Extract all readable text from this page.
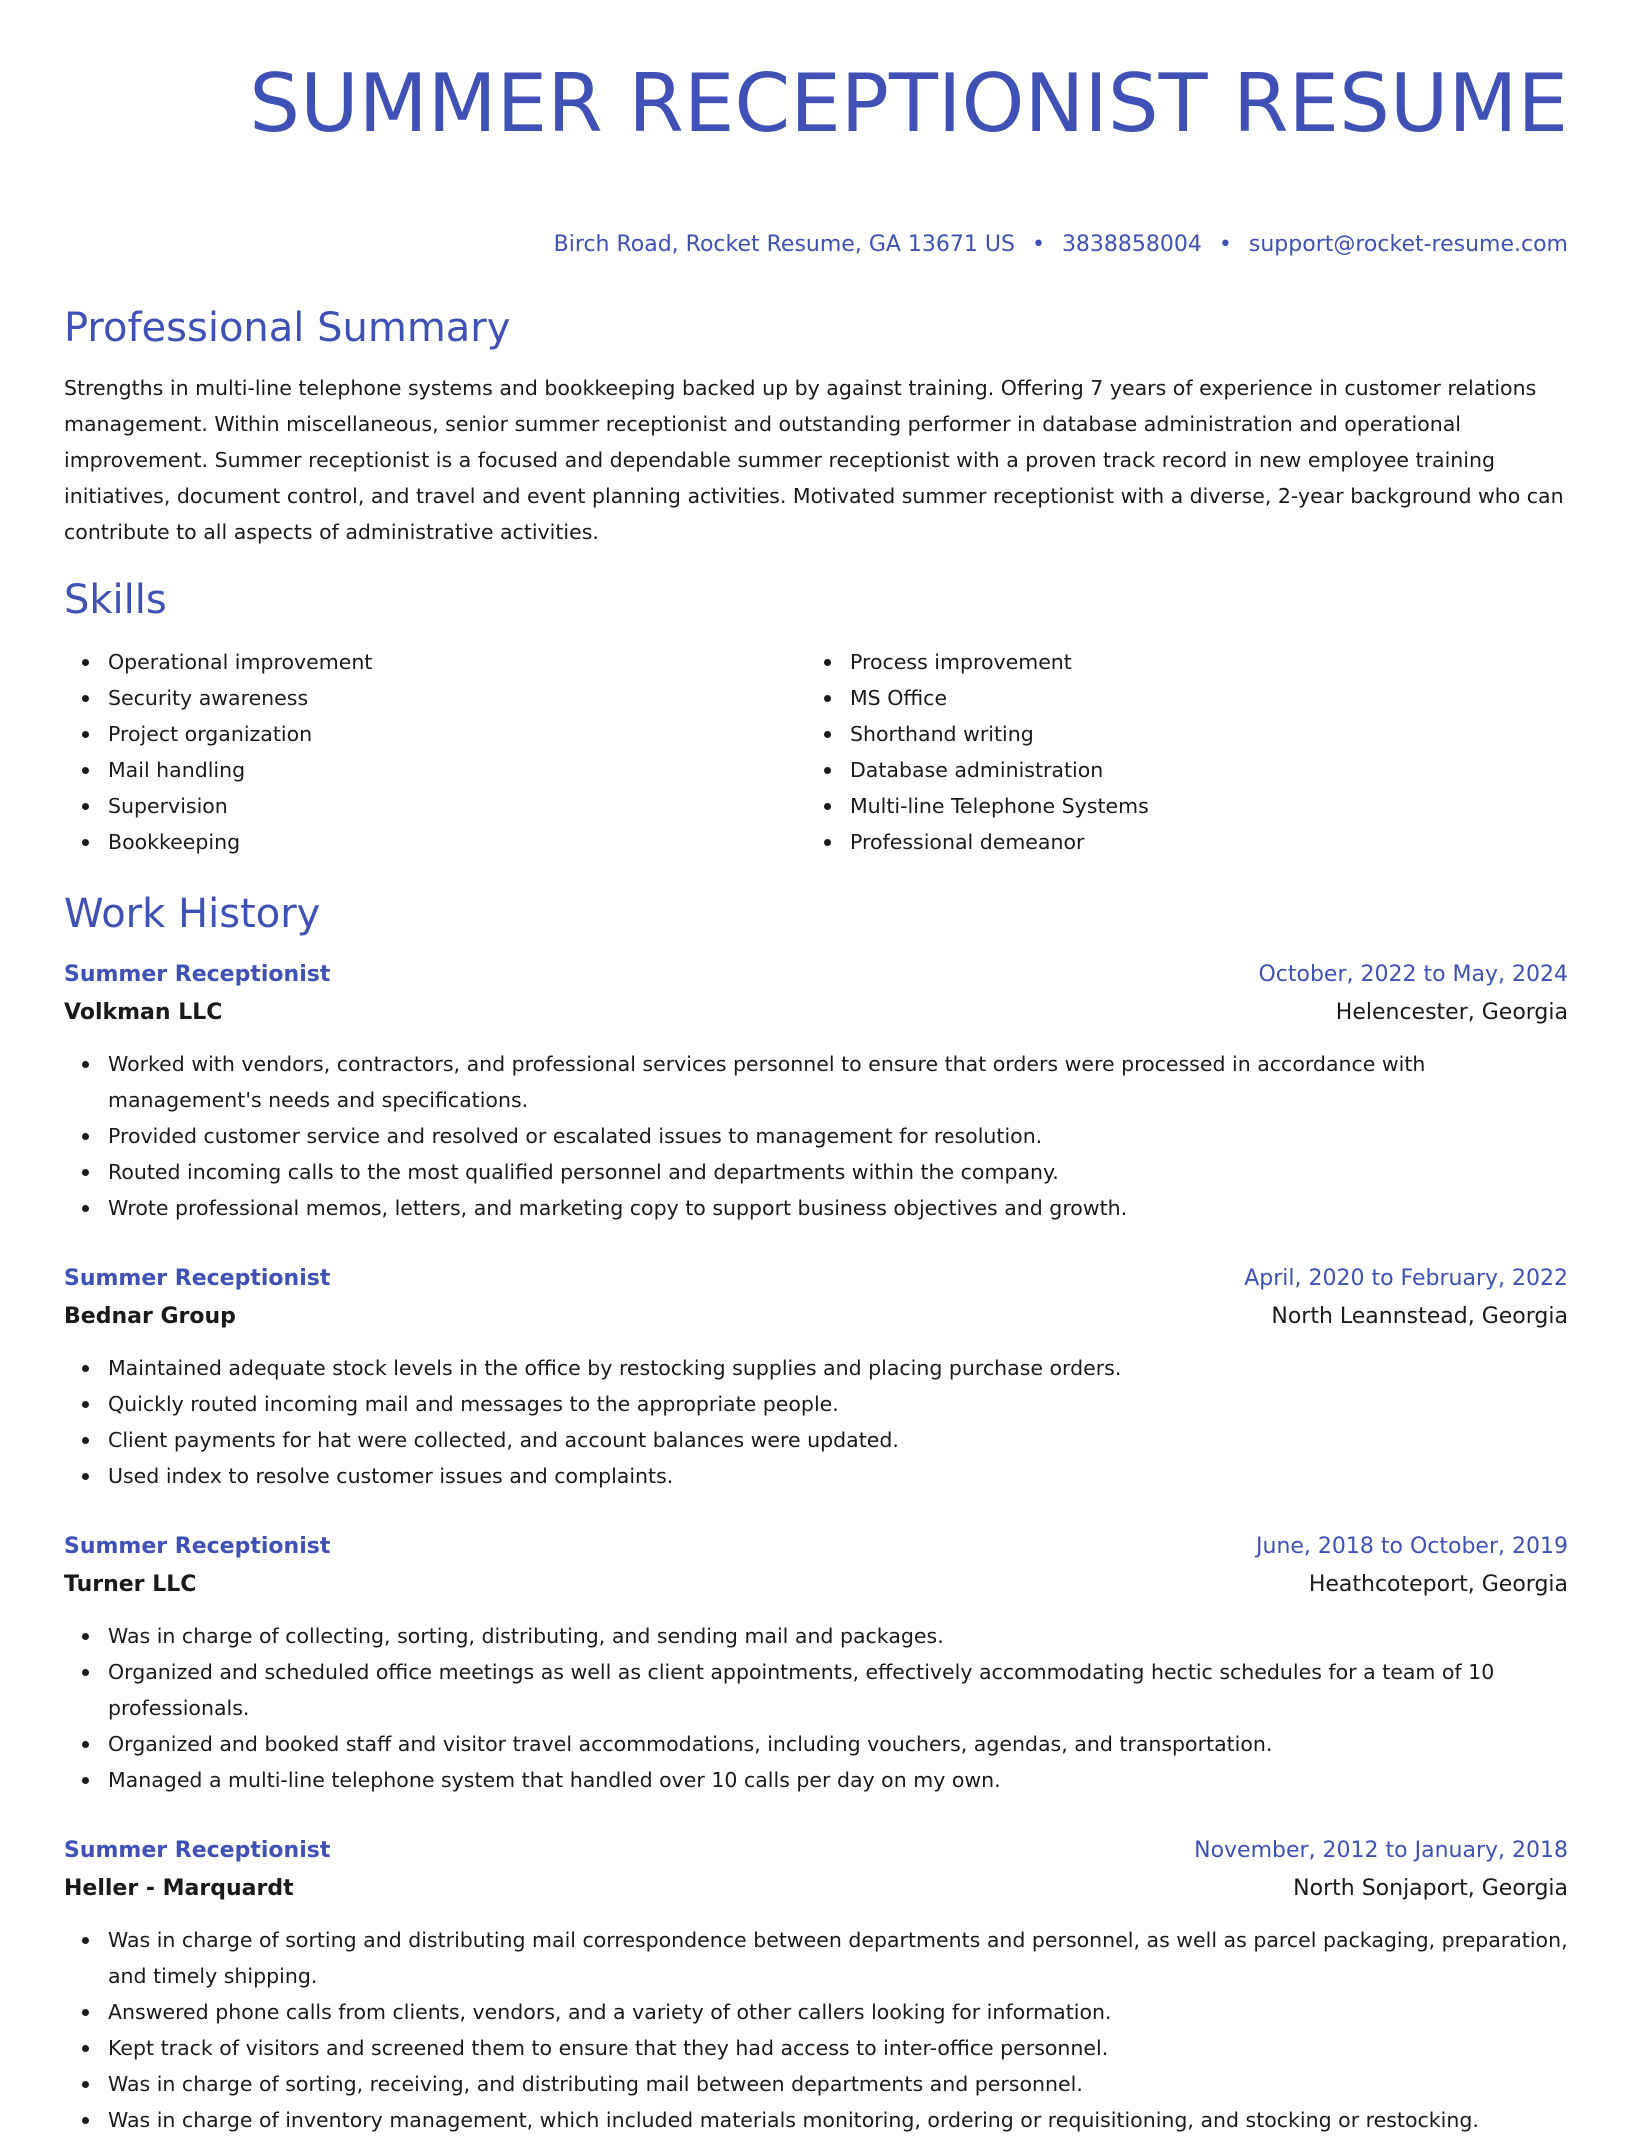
SUMMER RECEPTIONIST RESUME
Birch Road, Rocket Resume, GA 13671 US • 3838858004 • support@rocket-resume.com
Professional Summary
Strengths in multi-line telephone systems and bookkeeping backed up by against training. Offering 7 years of experience in customer relations management. Within miscellaneous, senior summer receptionist and outstanding performer in database administration and operational improvement. Summer receptionist is a focused and dependable summer receptionist with a proven track record in new employee training initiatives, document control, and travel and event planning activities. Motivated summer receptionist with a diverse, 2-year background who can contribute to all aspects of administrative activities.
Skills
Operational improvement
Security awareness
Project organization
Mail handling
Supervision
Bookkeeping
Process improvement
MS Office
Shorthand writing
Database administration
Multi-line Telephone Systems
Professional demeanor
Work History
Summer Receptionist	October, 2022 to May, 2024
Volkman LLC	Helencester, Georgia
Worked with vendors, contractors, and professional services personnel to ensure that orders were processed in accordance with management's needs and specifications.
Provided customer service and resolved or escalated issues to management for resolution.
Routed incoming calls to the most qualified personnel and departments within the company.
Wrote professional memos, letters, and marketing copy to support business objectives and growth.
Summer Receptionist	April, 2020 to February, 2022
Bednar Group	North Leannstead, Georgia
Maintained adequate stock levels in the office by restocking supplies and placing purchase orders.
Quickly routed incoming mail and messages to the appropriate people.
Client payments for hat were collected, and account balances were updated.
Used index to resolve customer issues and complaints.
Summer Receptionist	June, 2018 to October, 2019
Turner LLC	Heathcoteport, Georgia
Was in charge of collecting, sorting, distributing, and sending mail and packages.
Organized and scheduled office meetings as well as client appointments, effectively accommodating hectic schedules for a team of 10 professionals.
Organized and booked staff and visitor travel accommodations, including vouchers, agendas, and transportation.
Managed a multi-line telephone system that handled over 10 calls per day on my own.
Summer Receptionist	November, 2012 to January, 2018
Heller - Marquardt	North Sonjaport, Georgia
Was in charge of sorting and distributing mail correspondence between departments and personnel, as well as parcel packaging, preparation, and timely shipping.
Answered phone calls from clients, vendors, and a variety of other callers looking for information.
Kept track of visitors and screened them to ensure that they had access to inter-office personnel.
Was in charge of sorting, receiving, and distributing mail between departments and personnel.
Was in charge of inventory management, which included materials monitoring, ordering or requisitioning, and stocking or restocking.
